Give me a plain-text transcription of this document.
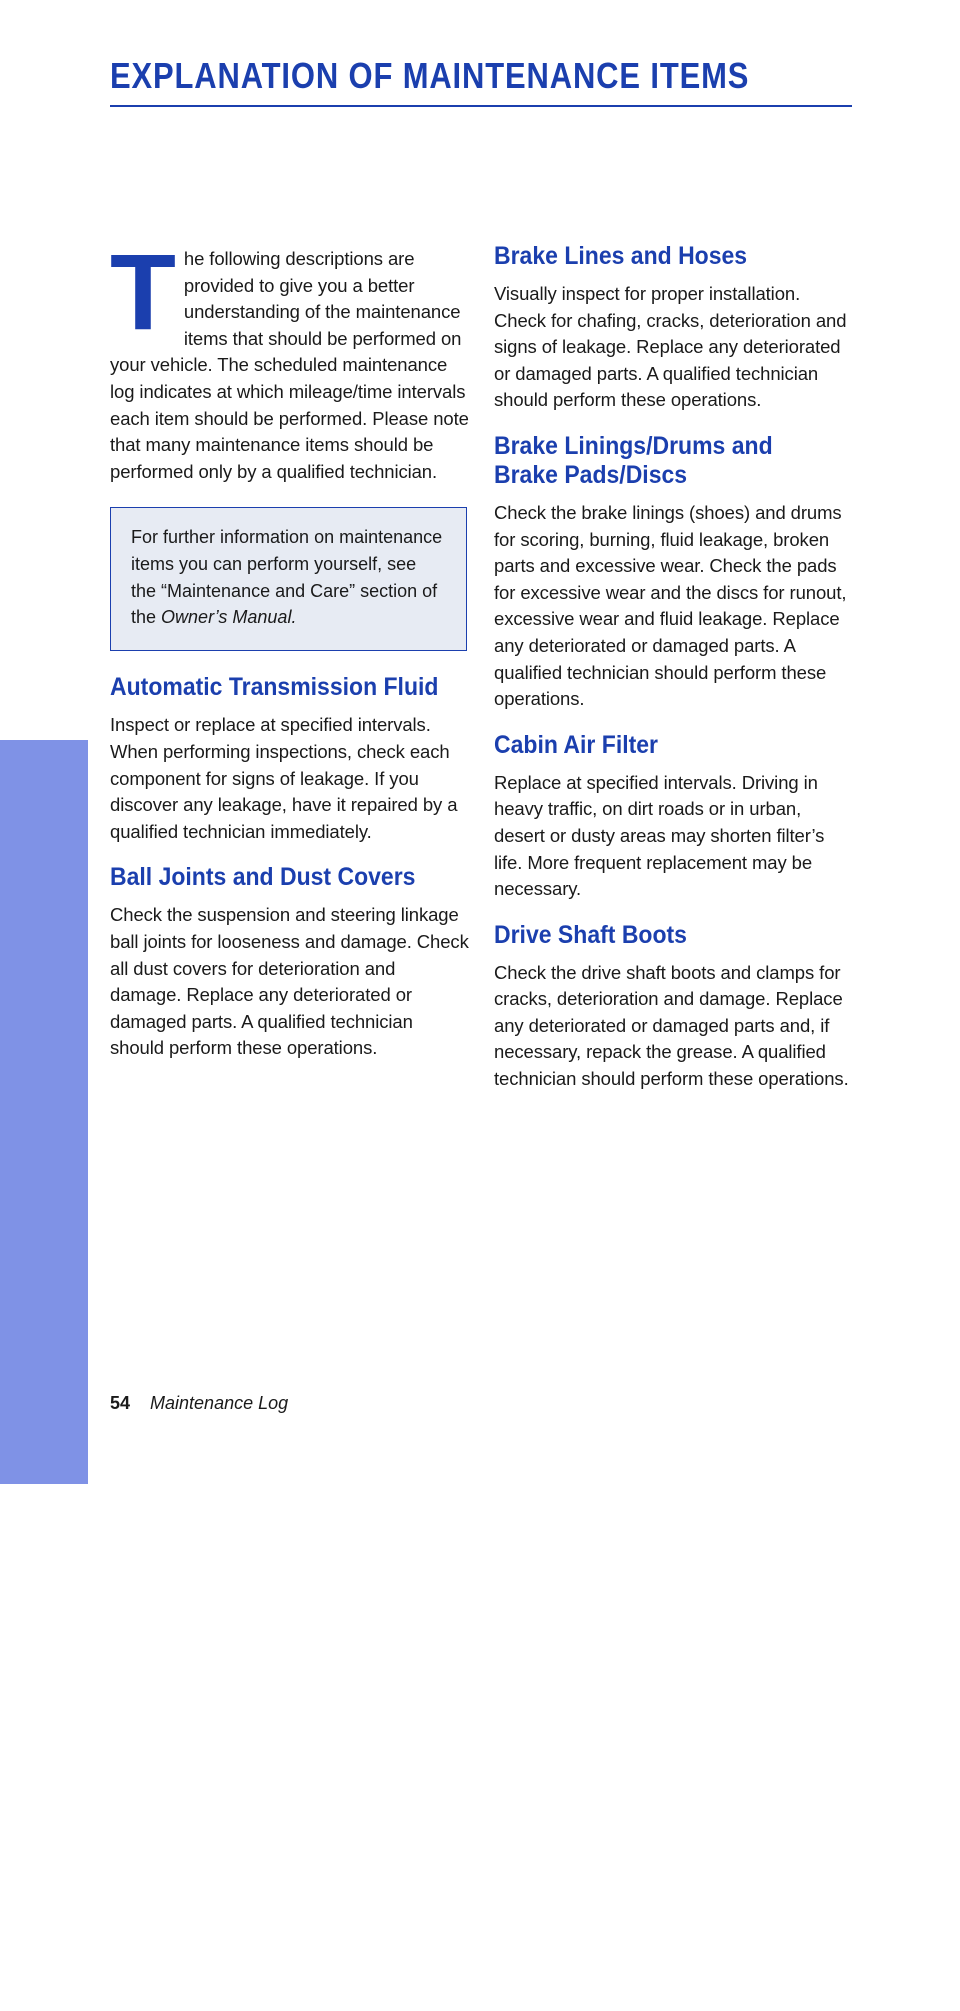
EXPLANATION OF MAINTENANCE ITEMS
MAINTENANCE

The following descriptions are provided to give you a better understanding of the maintenance items that should be performed on your vehicle. The scheduled maintenance log indicates at which mileage/time intervals each item should be performed. Please note that many maintenance items should be performed only by a qualified technician.

For further information on maintenance items you can perform yourself, see the “Maintenance and Care” section of the Owner’s Manual.
Automatic Transmission Fluid

Inspect or replace at specified intervals. When performing inspections, check each component for signs of leakage. If you discover any leakage, have it repaired by a qualified technician immediately.

Ball Joints and Dust Covers

Check the suspension and steering linkage ball joints for looseness and damage. Check all dust covers for deterioration and damage. Replace any deteriorated or damaged parts. A qualified technician should perform these operations.

Brake Lines and Hoses

Visually inspect for proper installation. Check for chafing, cracks, deterioration and signs of leakage. Replace any deteriorated or damaged parts. A qualified technician should perform these operations.

Brake Linings/Drums and
Brake Pads/Discs

Check the brake linings (shoes) and drums for scoring, burning, fluid leakage, broken parts and excessive wear. Check the pads for excessive wear and the discs for runout, excessive wear and fluid leakage. Replace any deteriorated or damaged parts. A qualified technician should perform these operations.

Cabin Air Filter

Replace at specified intervals. Driving in heavy traffic, on dirt roads or in urban, desert or dusty areas may shorten filter’s life. More frequent replacement may be necessary.

Drive Shaft Boots

Check the drive shaft boots and clamps for cracks, deterioration and damage. Replace any deteriorated or damaged parts and, if necessary, repack the grease. A qualified technician should perform these operations.

54 Maintenance Log
